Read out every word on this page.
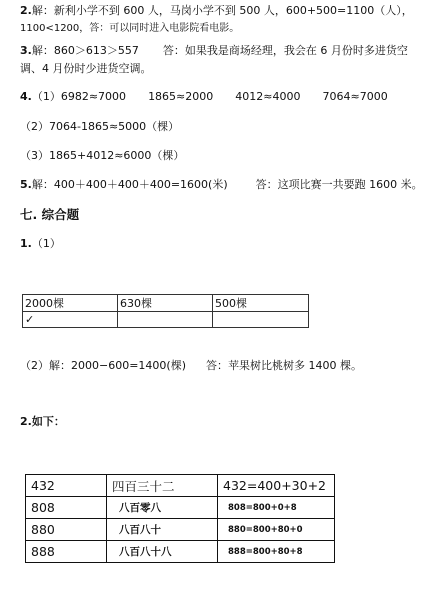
2.解：新利小学不到 600 人，马岗小学不到 500 人，600+500=1100（人），
1100<1200，答：可以同时进入电影院看电影。
3.解：860＞613＞557 答：如果我是商场经理，我会在 6 月份时多进货空
调、4 月份时少进货空调。
4.（1）6982≈7000 1865≈2000 4012≈4000 7064≈7000
（2）7064-1865≈5000（棵）
（3）1865+4012≈6000（棵）
5.解：400＋400＋400＋400=1600(米)	答：这项比赛一共要跑 1600 米。
七. 综合题
1.（1）
2000棵	630棵	500棵
✓		
（2）解：2000−600=1400(棵) 答：苹果树比桃树多 1400 棵。
2.如下：
432	四百三十二	432=400+30+2
808	八百零八	808=800+0+8
880	八百八十	880=800+80+0
888	八百八十八	888=800+80+8
